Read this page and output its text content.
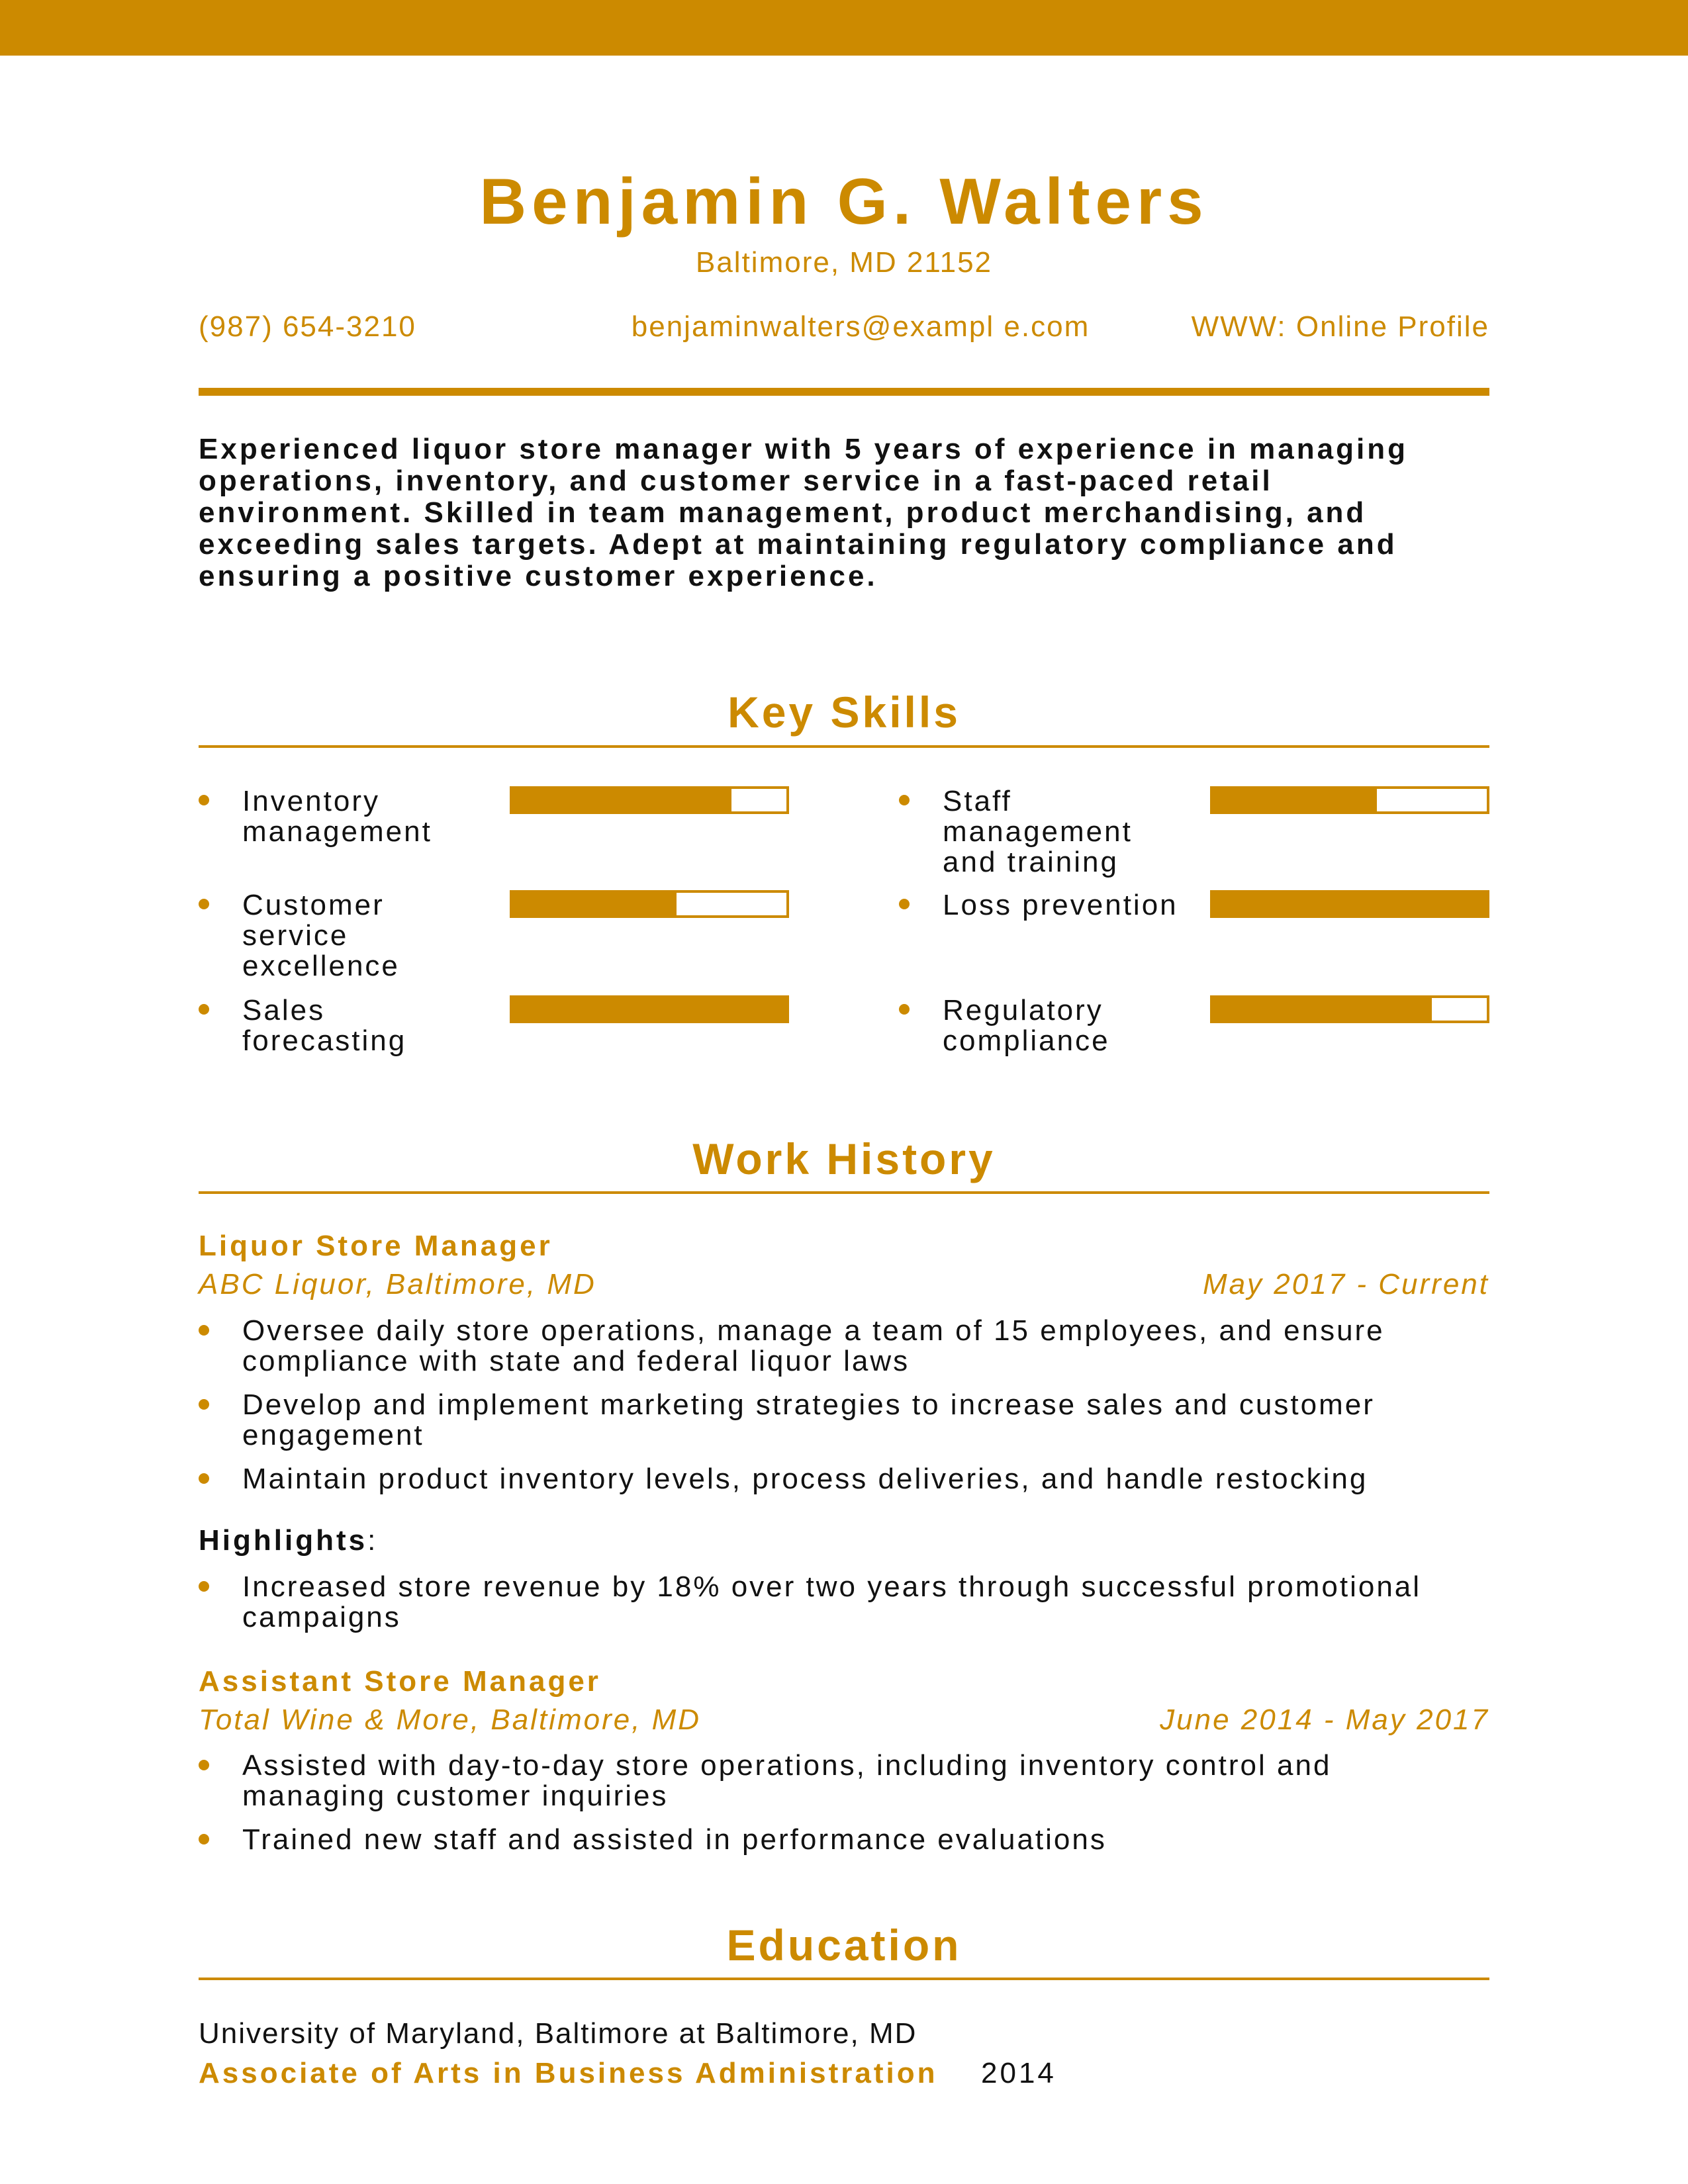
Benjamin G. Walters
Baltimore, MD 21152
(987) 654-3210	benjaminwalters@exampl e.com	WWW: Online Profile
Experienced liquor store manager with 5 years of experience in managing operations, inventory, and customer service in a fast-paced retail environment. Skilled in team management, product merchandising, and exceeding sales targets. Adept at maintaining regulatory compliance and ensuring a positive customer experience.
Key Skills
Inventory management
Staff management and training
Customer service excellence
Loss prevention
Sales forecasting
Regulatory compliance
Work History
Liquor Store Manager
ABC Liquor, Baltimore, MD	May 2017 - Current
Oversee daily store operations, manage a team of 15 employees, and ensure compliance with state and federal liquor laws
Develop and implement marketing strategies to increase sales and customer engagement
Maintain product inventory levels, process deliveries, and handle restocking
Highlights:
Increased store revenue by 18% over two years through successful promotional campaigns
Assistant Store Manager
Total Wine & More, Baltimore, MD	June 2014 - May 2017
Assisted with day-to-day store operations, including inventory control and managing customer inquiries
Trained new staff and assisted in performance evaluations
Education
University of Maryland, Baltimore at Baltimore, MD
Associate of Arts in Business Administration 2014
